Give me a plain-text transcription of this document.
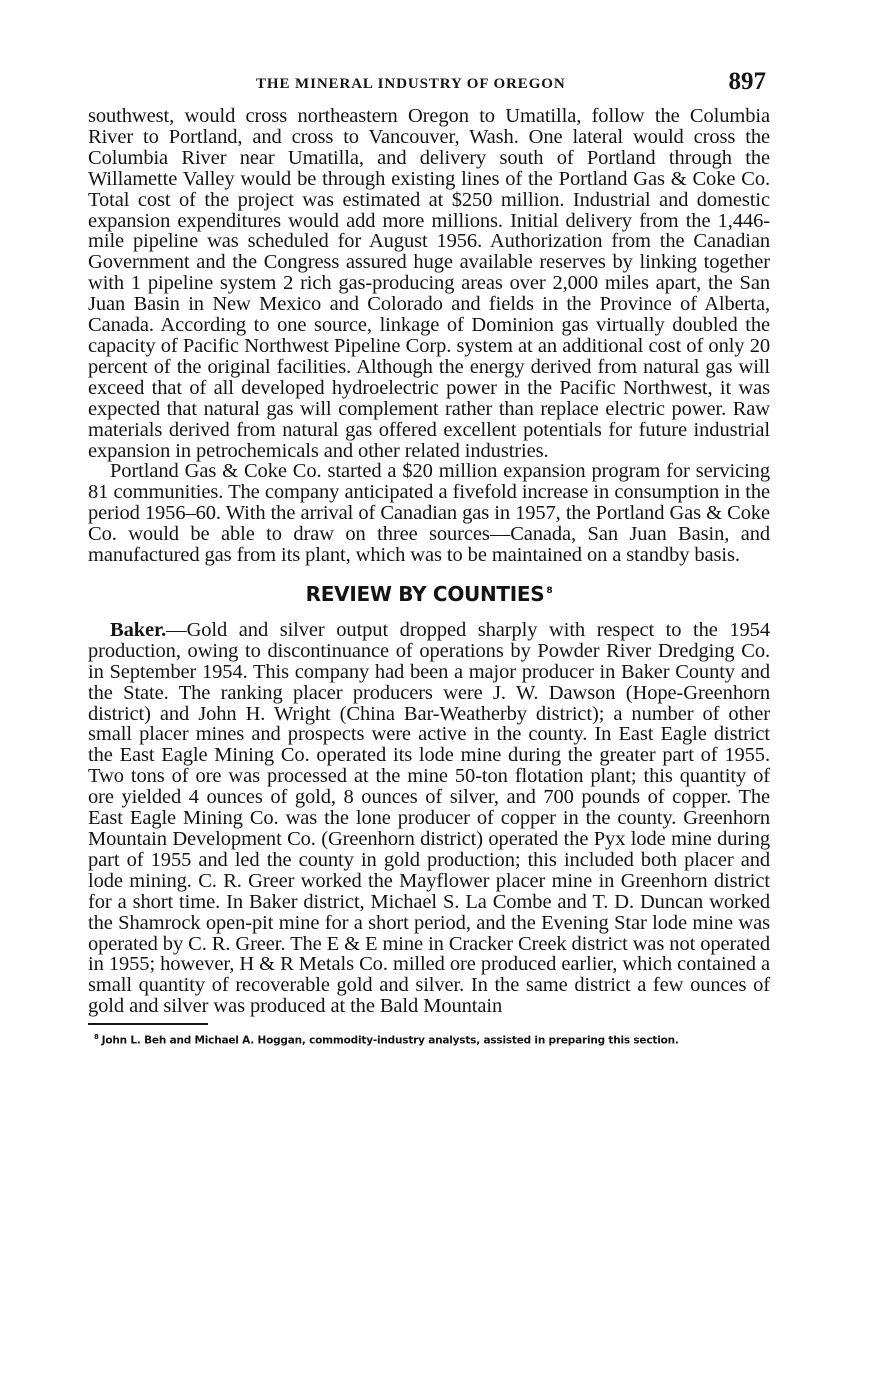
THE MINERAL INDUSTRY OF OREGON	897

southwest, would cross northeastern Oregon to Umatilla, follow the Columbia River to Portland, and cross to Vancouver, Wash. One lateral would cross the Columbia River near Umatilla, and delivery south of Portland through the Willamette Valley would be through existing lines of the Portland Gas & Coke Co. Total cost of the project was estimated at $250 million. Industrial and domestic expansion expenditures would add more millions. Initial delivery from the 1,446-mile pipeline was scheduled for August 1956. Authorization from the Canadian Government and the Congress assured huge available reserves by linking together with 1 pipeline system 2 rich gas-producing areas over 2,000 miles apart, the San Juan Basin in New Mexico and Colorado and fields in the Province of Alberta, Canada. According to one source, linkage of Dominion gas virtually doubled the capacity of Pacific Northwest Pipeline Corp. system at an additional cost of only 20 percent of the original facilities. Although the energy derived from natural gas will exceed that of all developed hydroelectric power in the Pacific Northwest, it was expected that natural gas will complement rather than replace electric power. Raw materials derived from natural gas offered excellent potentials for future industrial expansion in petrochemicals and other related industries.

Portland Gas & Coke Co. started a $20 million expansion program for servicing 81 communities. The company anticipated a fivefold increase in consumption in the period 1956–60. With the arrival of Canadian gas in 1957, the Portland Gas & Coke Co. would be able to draw on three sources—Canada, San Juan Basin, and manufactured gas from its plant, which was to be maintained on a standby basis.

REVIEW BY COUNTIES $^8$

Baker.—Gold and silver output dropped sharply with respect to the 1954 production, owing to discontinuance of operations by Powder River Dredging Co. in September 1954. This company had been a major producer in Baker County and the State. The ranking placer producers were J. W. Dawson (Hope-Greenhorn district) and John H. Wright (China Bar-Weatherby district); a number of other small placer mines and prospects were active in the county. In East Eagle district the East Eagle Mining Co. operated its lode mine during the greater part of 1955. Two tons of ore was processed at the mine 50-ton flotation plant; this quantity of ore yielded 4 ounces of gold, 8 ounces of silver, and 700 pounds of copper. The East Eagle Mining Co. was the lone producer of copper in the county. Greenhorn Mountain Development Co. (Greenhorn district) operated the Pyx lode mine during part of 1955 and led the county in gold production; this included both placer and lode mining. C. R. Greer worked the Mayflower placer mine in Greenhorn district for a short time. In Baker district, Michael S. La Combe and T. D. Duncan worked the Shamrock open-pit mine for a short period, and the Evening Star lode mine was operated by C. R. Greer. The E & E mine in Cracker Creek district was not operated in 1955; however, H & R Metals Co. milled ore produced earlier, which contained a small quantity of recoverable gold and silver. In the same district a few ounces of gold and silver was produced at the Bald Mountain

$^8$ John L. Beh and Michael A. Hoggan, commodity-industry analysts, assisted in preparing this section.
